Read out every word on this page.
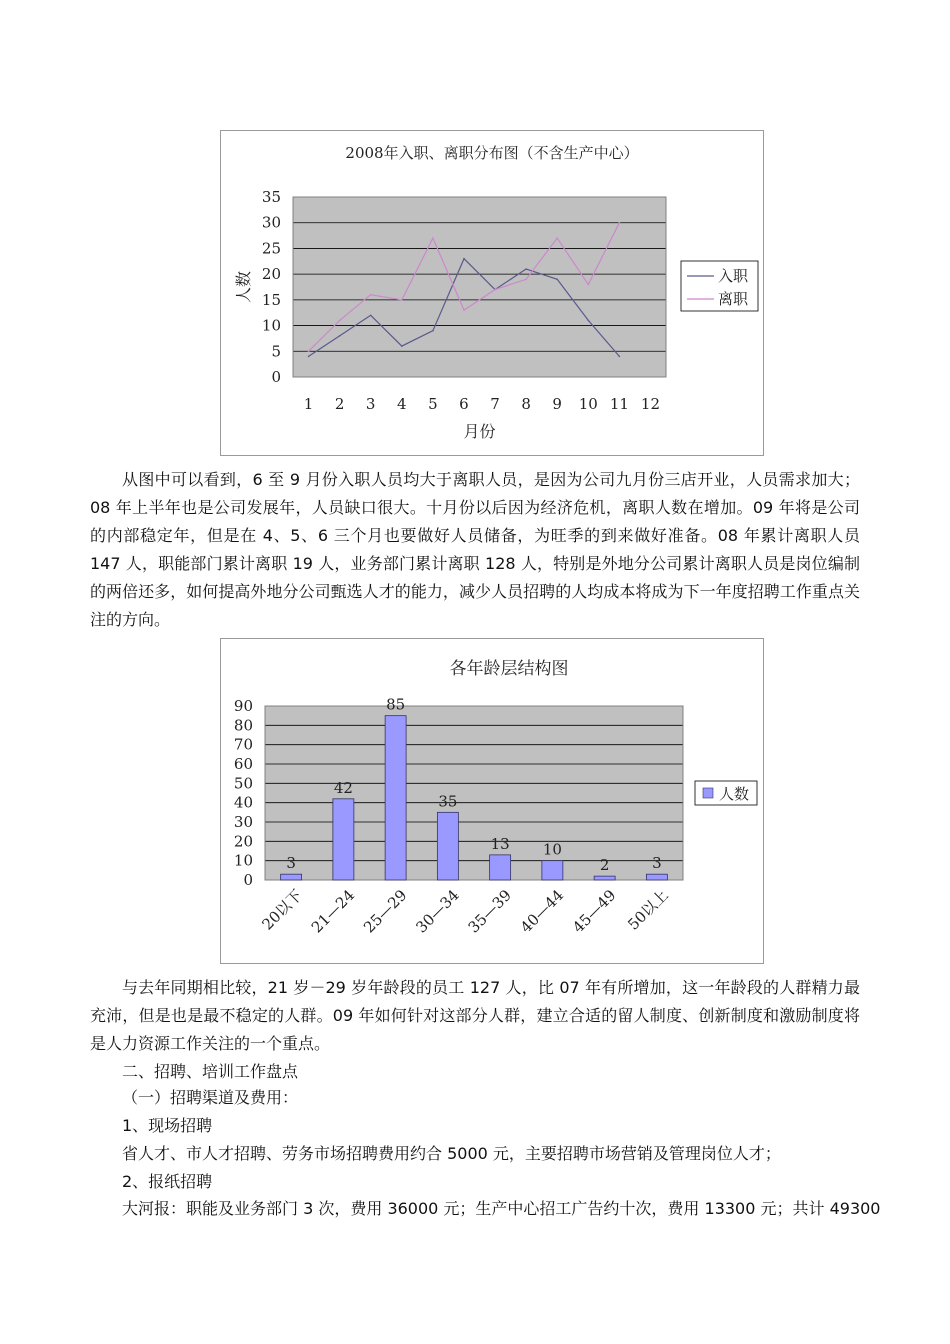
2008年入职、离职分布图（不含生产中心）
0
5
10
15
20
25
30
35
1 2 3 4 5 6 7 8 9 10 11 12
月份
人数	入职
离职

从图中可以看到，6 至 9 月份入职人员均大于离职人员，是因为公司九月份三店开业，人员需求加大；08 年上半年也是公司发展年，人员缺口很大。十月份以后因为经济危机，离职人数在增加。09 年将是公司的内部稳定年，但是在 4、5、6 三个月也要做好人员储备，为旺季的到来做好准备。08 年累计离职人员 147 人，职能部门累计离职 19 人，业务部门累计离职 128 人，特别是外地分公司累计离职人员是岗位编制的两倍还多，如何提高外地分公司甄选人才的能力，减少人员招聘的人均成本将成为下一年度招聘工作重点关注的方向。

各年龄层结构图
0
10
20
30
40
50
60
70
80
90
3
20以下
42
21—24
85
25—29
35
30—34
13
35—39
10
40—44
2
45—49
3
50以上
人数

与去年同期相比较，21 岁－29 岁年龄段的员工 127 人，比 07 年有所增加，这一年龄段的人群精力最充沛，但是也是最不稳定的人群。09 年如何针对这部分人群，建立合适的留人制度、创新制度和激励制度将是人力资源工作关注的一个重点。

二、招聘、培训工作盘点

（一）招聘渠道及费用：

1、现场招聘

省人才、市人才招聘、劳务市场招聘费用约合 5000 元，主要招聘市场营销及管理岗位人才；

2、报纸招聘

大河报：职能及业务部门 3 次，费用 36000 元；生产中心招工广告约十次，费用 13300 元；共计 49300
